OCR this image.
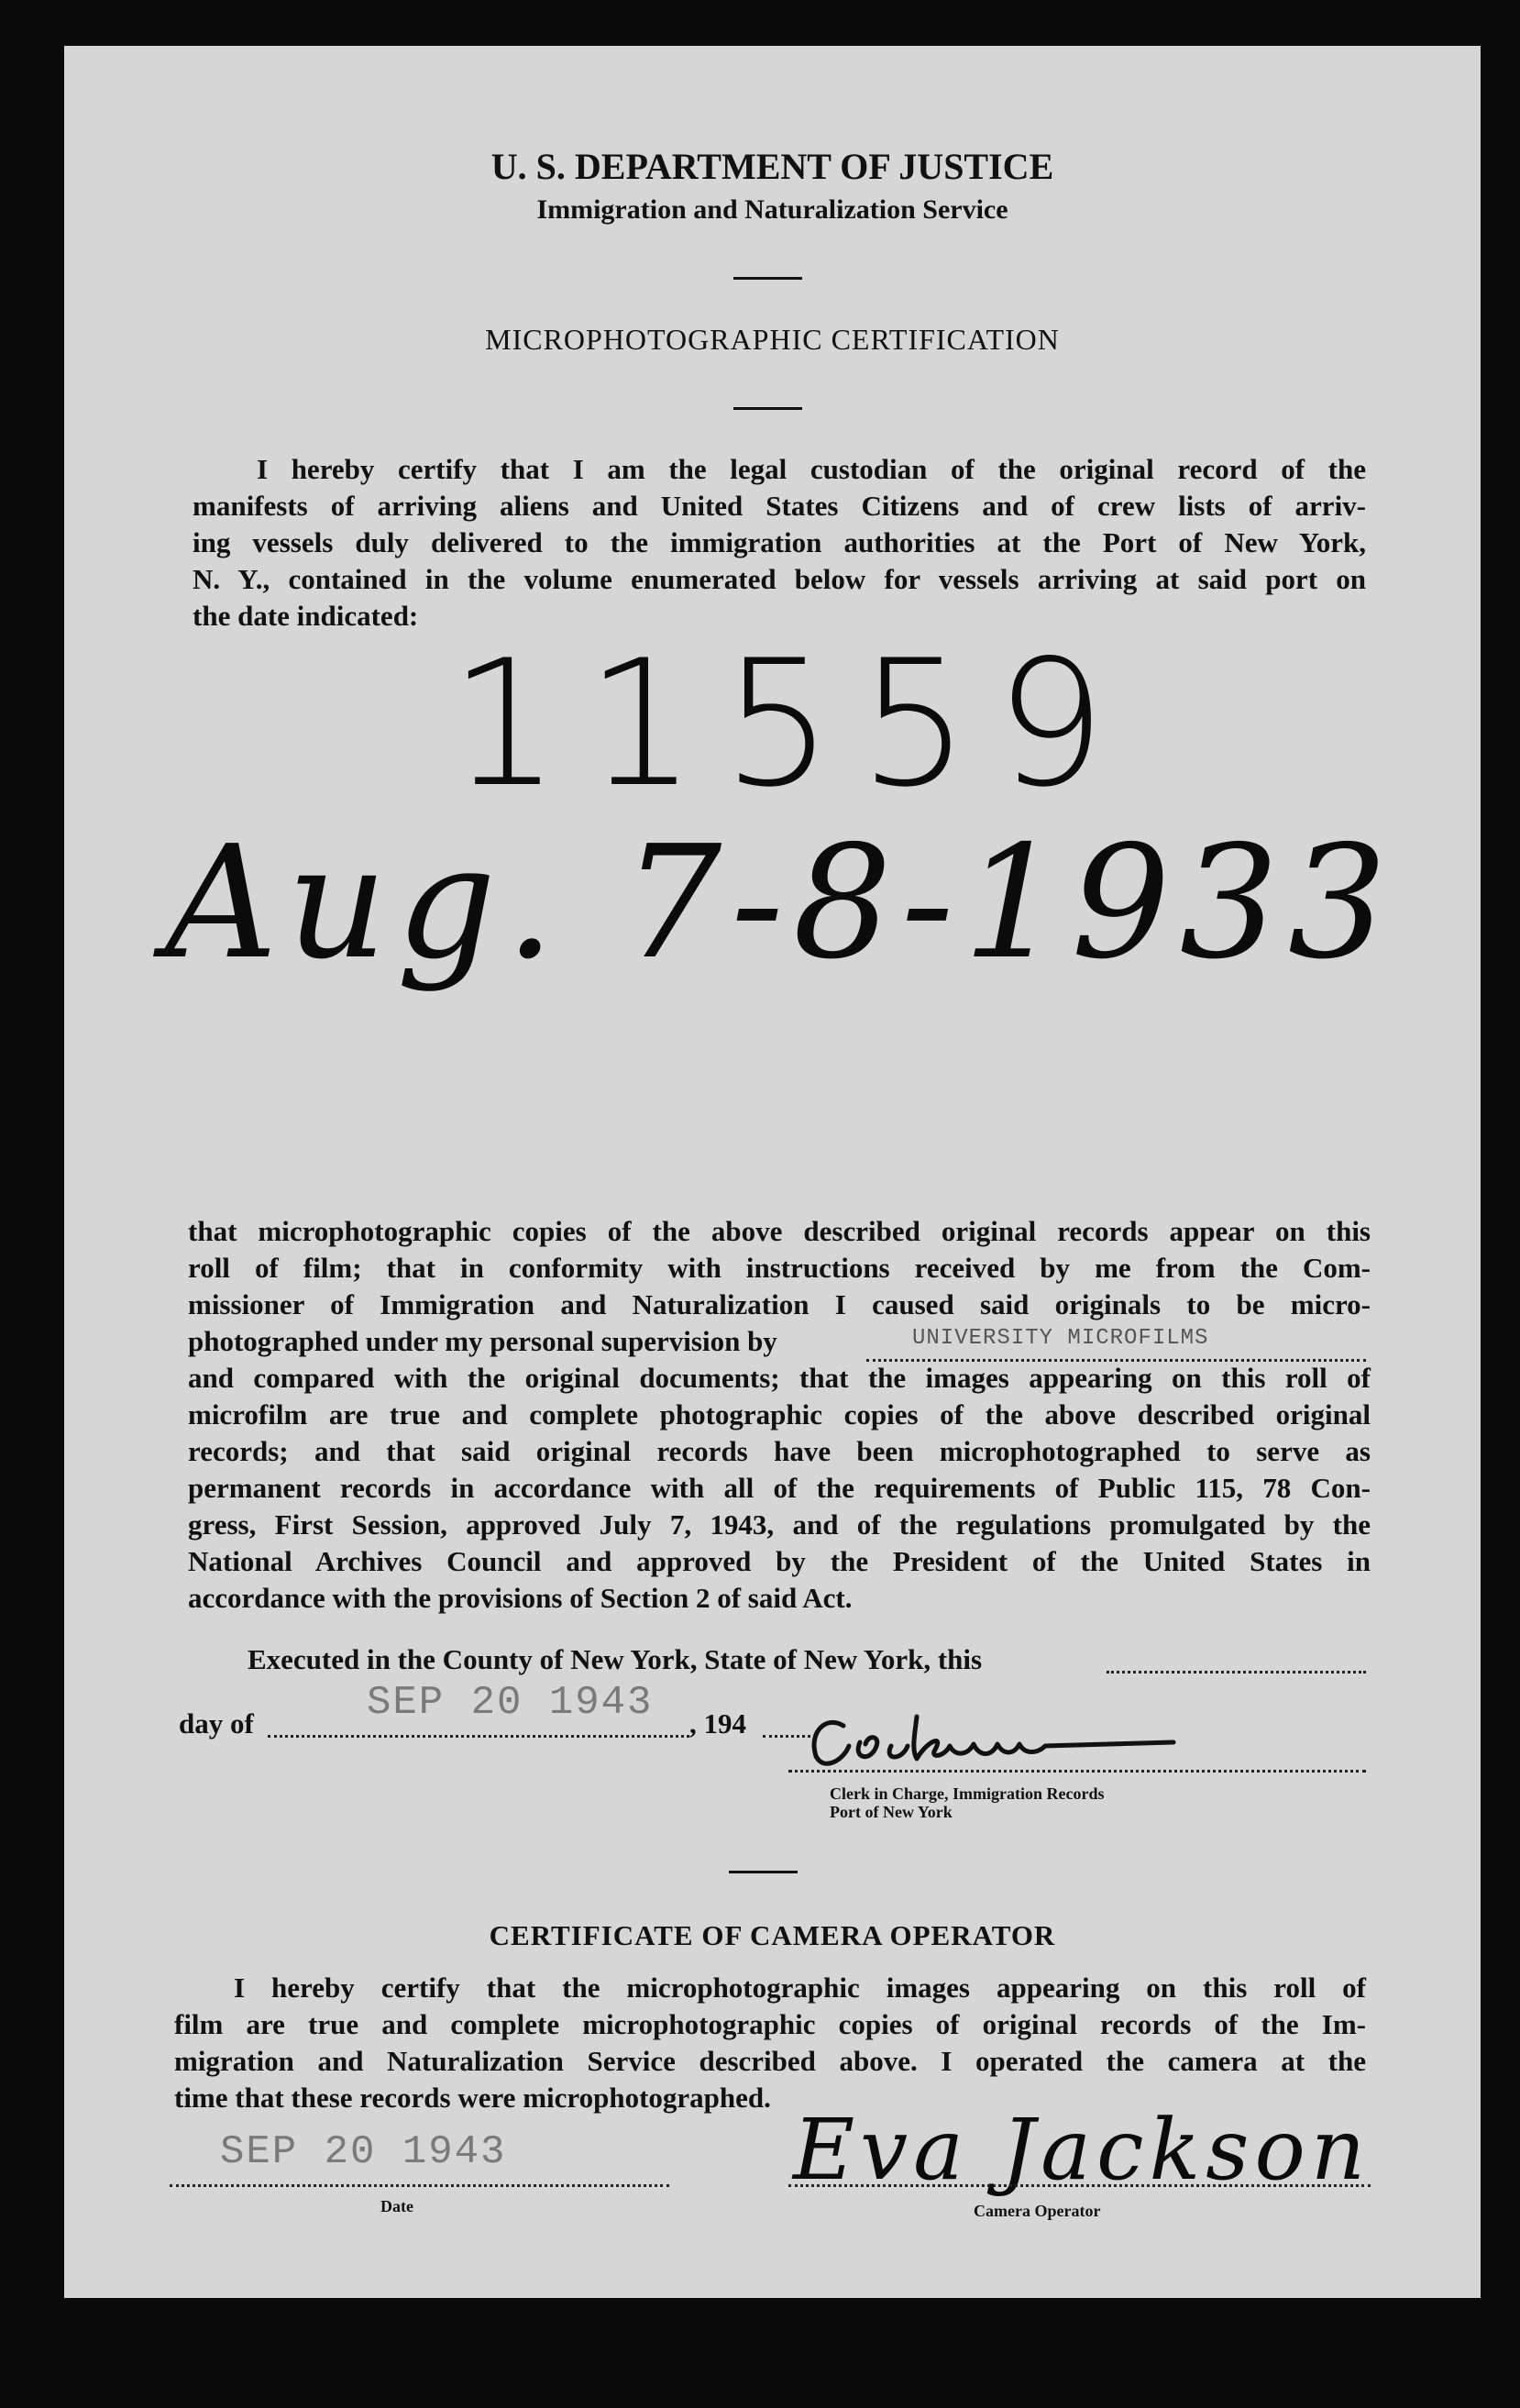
U. S. DEPARTMENT OF JUSTICE
Immigration and Naturalization Service
MICROPHOTOGRAPHIC CERTIFICATION
I hereby certify that I am the legal custodian of the original record of the
manifests of arriving aliens and United States Citizens and of crew lists of arriv-
ing vessels duly delivered to the immigration authorities at the Port of New York,
N. Y., contained in the volume enumerated below for vessels arriving at said port on
the date indicated:
11559
Aug. 7-8-1933
that microphotographic copies of the above described original records appear on this
roll of film; that in conformity with instructions received by me from the Com-
missioner of Immigration and Naturalization I caused said originals to be micro-
photographed under my personal supervision by
and compared with the original documents; that the images appearing on this roll of
microfilm are true and complete photographic copies of the above described original
records; and that said original records have been microphotographed to serve as
permanent records in accordance with all of the requirements of Public 115, 78 Con-
gress, First Session, approved July 7, 1943, and of the regulations promulgated by the
National Archives Council and approved by the President of the United States in
accordance with the provisions of Section 2 of said Act.
UNIVERSITY MICROFILMS
Executed in the County of New York, State of New York, this
day of	SEP 20 1943 , 194
Clerk in Charge, Immigration Records
Port of New York
CERTIFICATE OF CAMERA OPERATOR
I hereby certify that the microphotographic images appearing on this roll of
film are true and complete microphotographic copies of original records of the Im-
migration and Naturalization Service described above. I operated the camera at the
time that these records were microphotographed.
SEP 20 1943
Date
Eva Jackson
Camera Operator
